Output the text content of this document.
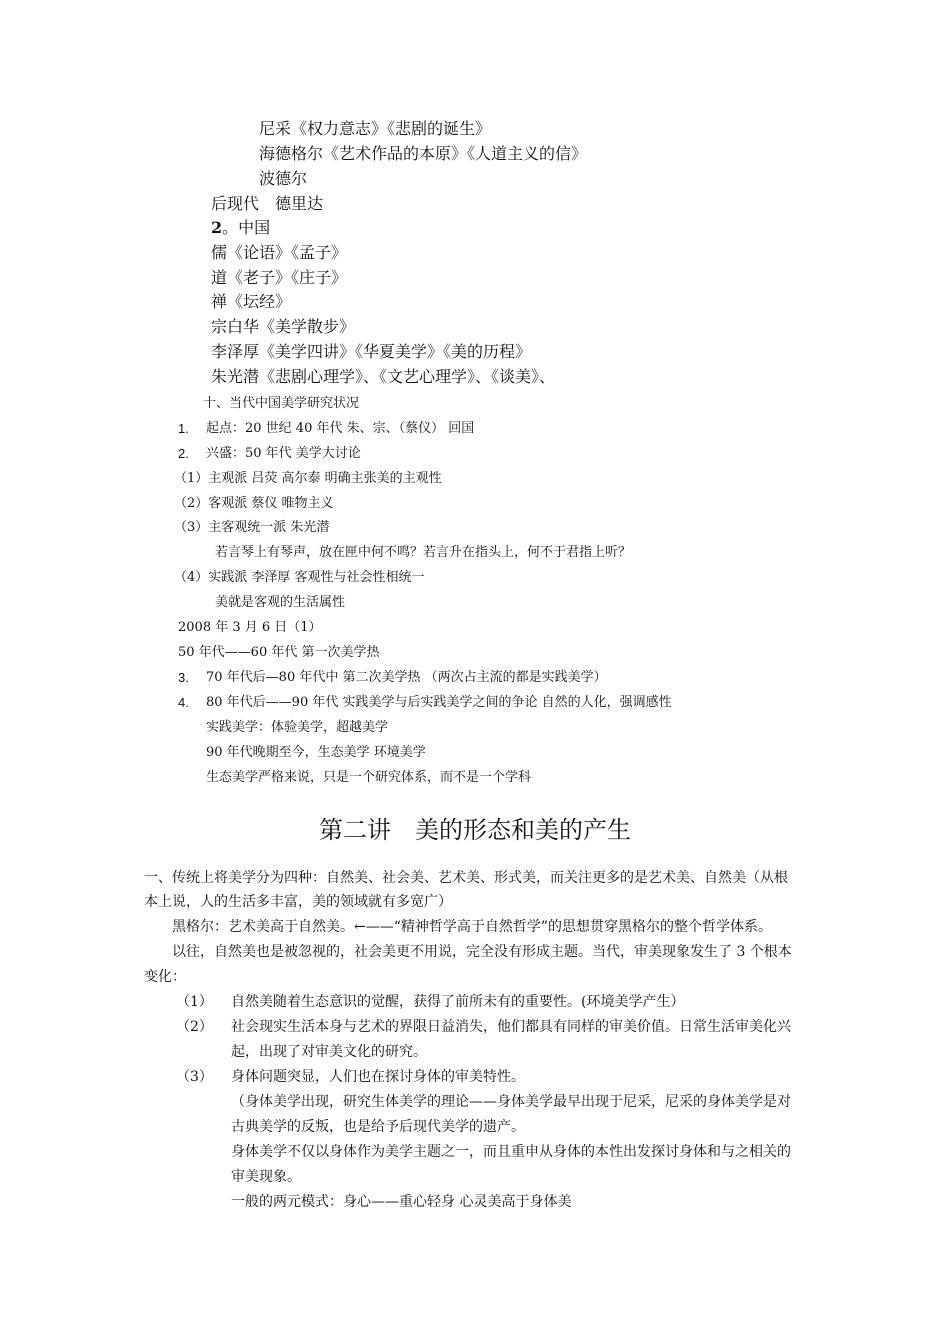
尼采《权力意志》《悲剧的诞生》
海德格尔《艺术作品的本原》《人道主义的信》
波德尔
后现代　德里达
2。中国
儒《论语》《孟子》
道《老子》《庄子》
禅《坛经》
宗白华《美学散步》
李泽厚《美学四讲》《华夏美学》《美的历程》
朱光潜《悲剧心理学》、《文艺心理学》、《谈美》、
十、当代中国美学研究状况
1. 起点：20 世纪 40 年代 朱、宗、（蔡仪） 回国
2. 兴盛：50 年代 美学大讨论
（1）主观派 吕荧 高尔泰 明确主张美的主观性
（2）客观派 蔡仪 唯物主义
（3）主客观统一派 朱光潜
若言琴上有琴声，放在匣中何不鸣？若言升在指头上，何不于君指上听？
（4）实践派 李泽厚 客观性与社会性相统一
美就是客观的生活属性
2008 年 3 月 6 日（1）
50 年代——60 年代 第一次美学热
3. 70 年代后—80 年代中 第二次美学热 （两次占主流的都是实践美学）
4. 80 年代后——90 年代 实践美学与后实践美学之间的争论 自然的人化，强调感性
实践美学：体验美学，超越美学
90 年代晚期至今，生态美学 环境美学
生态美学严格来说，只是一个研究体系，而不是一个学科
第二讲　美的形态和美的产生
一、传统上将美学分为四种：自然美、社会美、艺术美、形式美，而关注更多的是艺术美、自然美（从根
本上说，人的生活多丰富，美的领域就有多宽广）
黑格尔：艺术美高于自然美。←——“精神哲学高于自然哲学”的思想贯穿黑格尔的整个哲学体系。
以往，自然美也是被忽视的，社会美更不用说，完全没有形成主题。当代，审美现象发生了 3 个根本
变化：
（1） 自然美随着生态意识的觉醒，获得了前所未有的重要性。(环境美学产生）
（2） 社会现实生活本身与艺术的界限日益消失，他们都具有同样的审美价值。日常生活审美化兴
起，出现了对审美文化的研究。
（3） 身体问题突显，人们也在探讨身体的审美特性。
（身体美学出现，研究生体美学的理论——身体美学最早出现于尼采，尼采的身体美学是对
古典美学的反叛，也是给予后现代美学的遗产。
身体美学不仅以身体作为美学主题之一，而且重申从身体的本性出发探讨身体和与之相关的
审美现象。
一般的两元模式：身心——重心轻身 心灵美高于身体美
